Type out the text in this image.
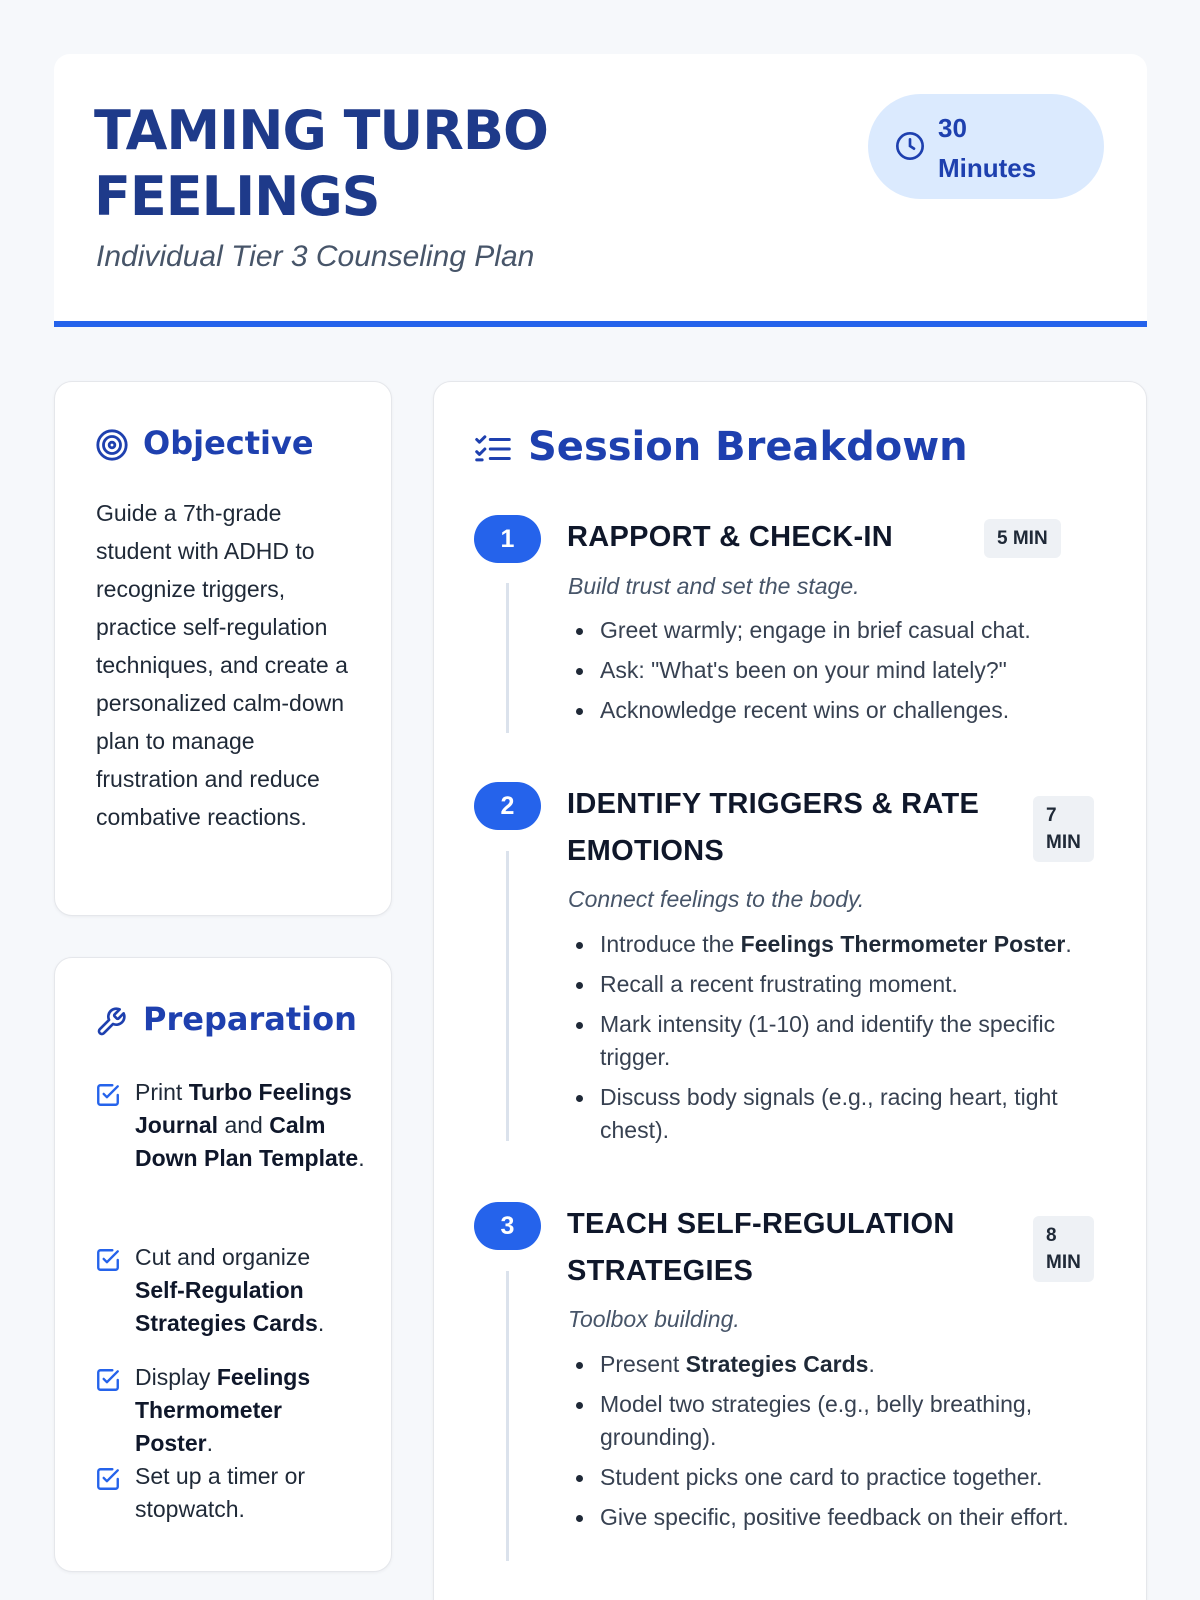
TAMING TURBO
FEELINGS
Individual Tier 3 Counseling Plan
30
Minutes
Objective
Guide a 7th-grade student with ADHD to recognize triggers, practice self-regulation techniques, and create a personalized calm-down plan to manage frustration and reduce combative reactions.
Preparation
Print Turbo Feelings Journal and Calm Down Plan Template.
Cut and organize Self-Regulation Strategies Cards.
Display Feelings Thermometer Poster.
Set up a timer or stopwatch.
Session Breakdown
1	RAPPORT & CHECK-IN	5 MIN
Build trust and set the stage.
Greet warmly; engage in brief casual chat.
Ask: "What's been on your mind lately?"
Acknowledge recent wins or challenges.
2	IDENTIFY TRIGGERS & RATE
EMOTIONS
7
MIN
Connect feelings to the body.
Introduce the Feelings Thermometer Poster.
Recall a recent frustrating moment.
Mark intensity (1-10) and identify the specific trigger.
Discuss body signals (e.g., racing heart, tight chest).
3	TEACH SELF-REGULATION
STRATEGIES
8
MIN
Toolbox building.
Present Strategies Cards.
Model two strategies (e.g., belly breathing, grounding).
Student picks one card to practice together.
Give specific, positive feedback on their effort.
